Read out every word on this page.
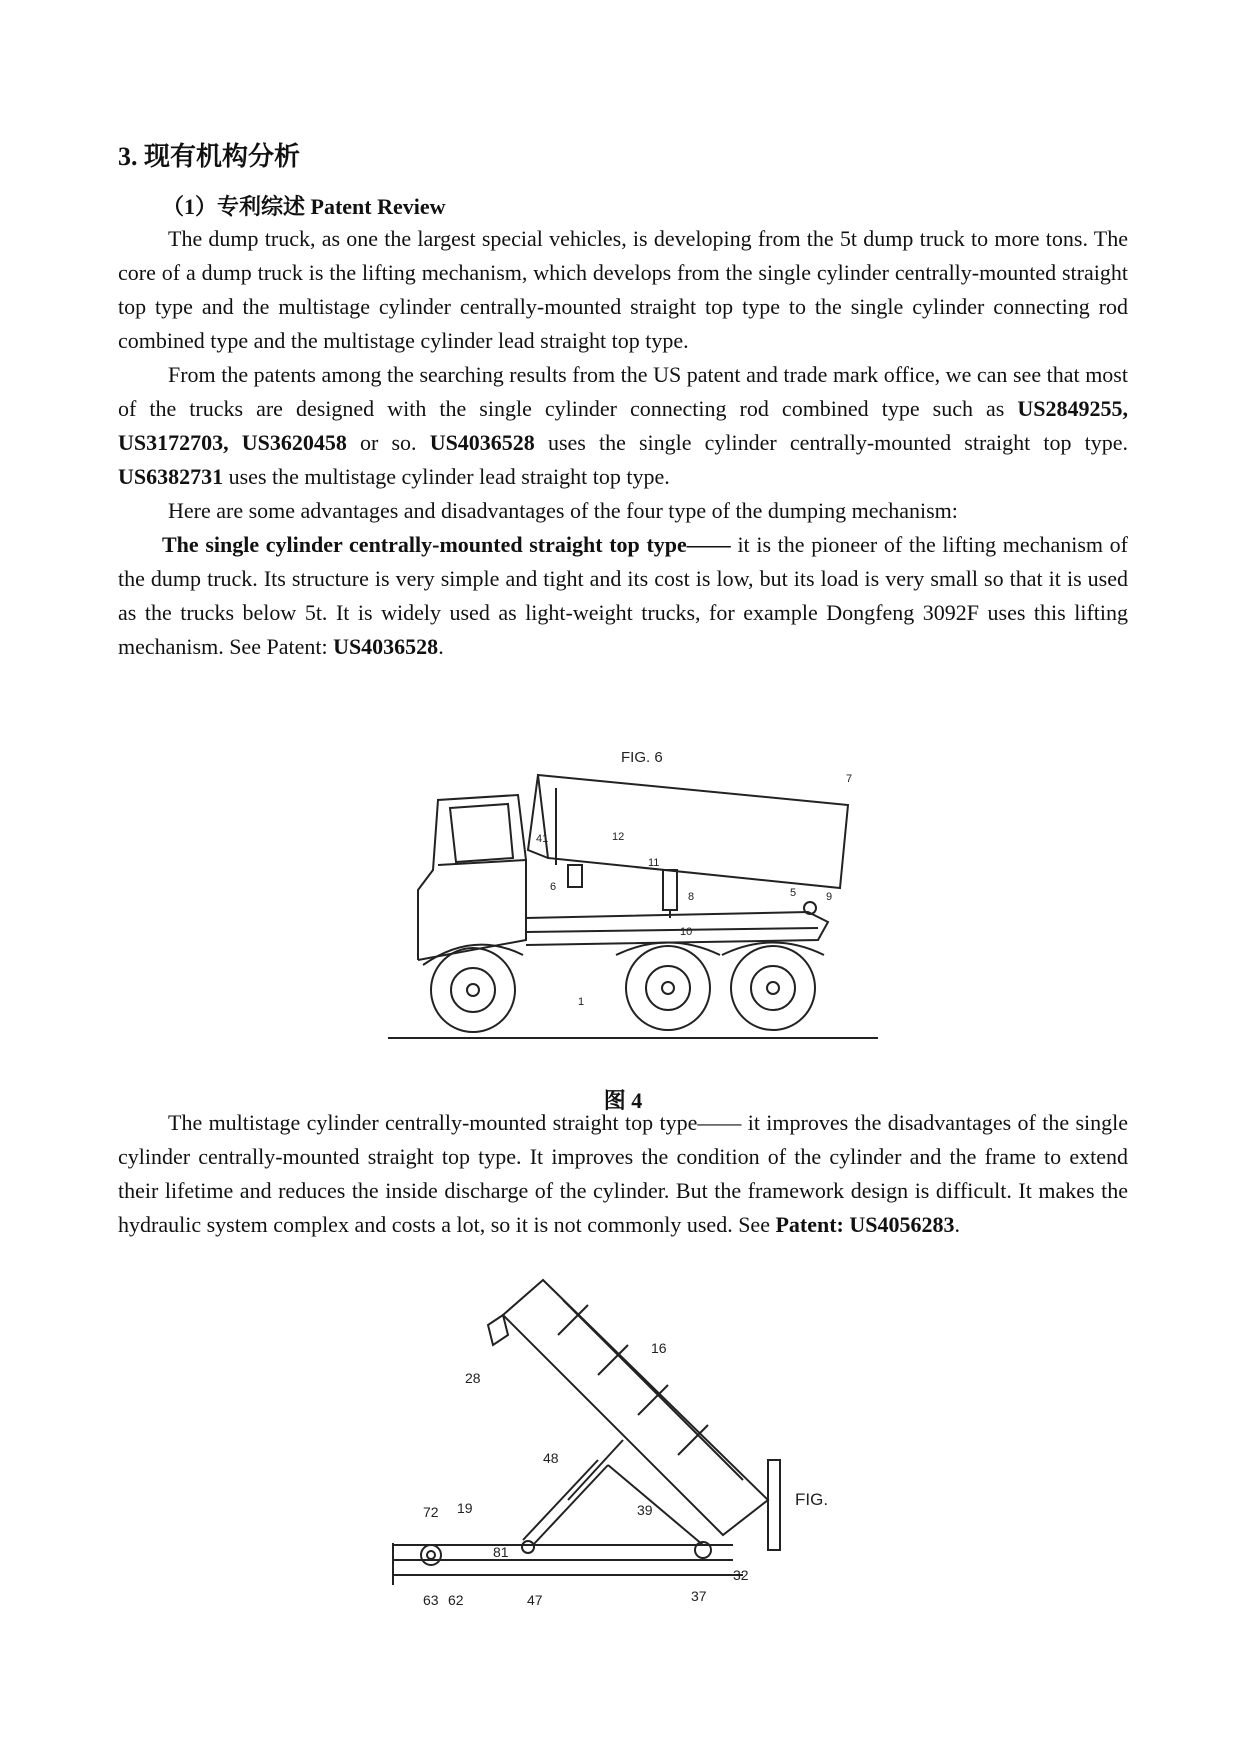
3. 现有机构分析
（1）专利综述 Patent Review

The dump truck, as one the largest special vehicles, is developing from the 5t dump truck to more tons. The core of a dump truck is the lifting mechanism, which develops from the single cylinder centrally-mounted straight top type and the multistage cylinder centrally-mounted straight top type to the single cylinder connecting rod combined type and the multistage cylinder lead straight top type.

From the patents among the searching results from the US patent and trade mark office, we can see that most of the trucks are designed with the single cylinder connecting rod combined type such as US2849255, US3172703, US3620458 or so. US4036528 uses the single cylinder centrally-mounted straight top type. US6382731 uses the multistage cylinder lead straight top type.

Here are some advantages and disadvantages of the four type of the dumping mechanism:

The single cylinder centrally-mounted straight top type—— it is the pioneer of the lifting mechanism of the dump truck. Its structure is very simple and tight and its cost is low, but its load is very small so that it is used as the trucks below 5t. It is widely used as light-weight trucks, for example Dongfeng 3092F uses this lifting mechanism. See Patent: US4036528.

FIG. 6
7
41	12
11
6
8	5	9
10
1
图 4

The multistage cylinder centrally-mounted straight top type—— it improves the disadvantages of the single cylinder centrally-mounted straight top type. It improves the condition of the cylinder and the frame to extend their lifetime and reduces the inside discharge of the cylinder. But the framework design is difficult. It makes the hydraulic system complex and costs a lot, so it is not commonly used. See Patent: US4056283.

16
28
48
39
72 19
81
63 62	47	37
32
FIG.
